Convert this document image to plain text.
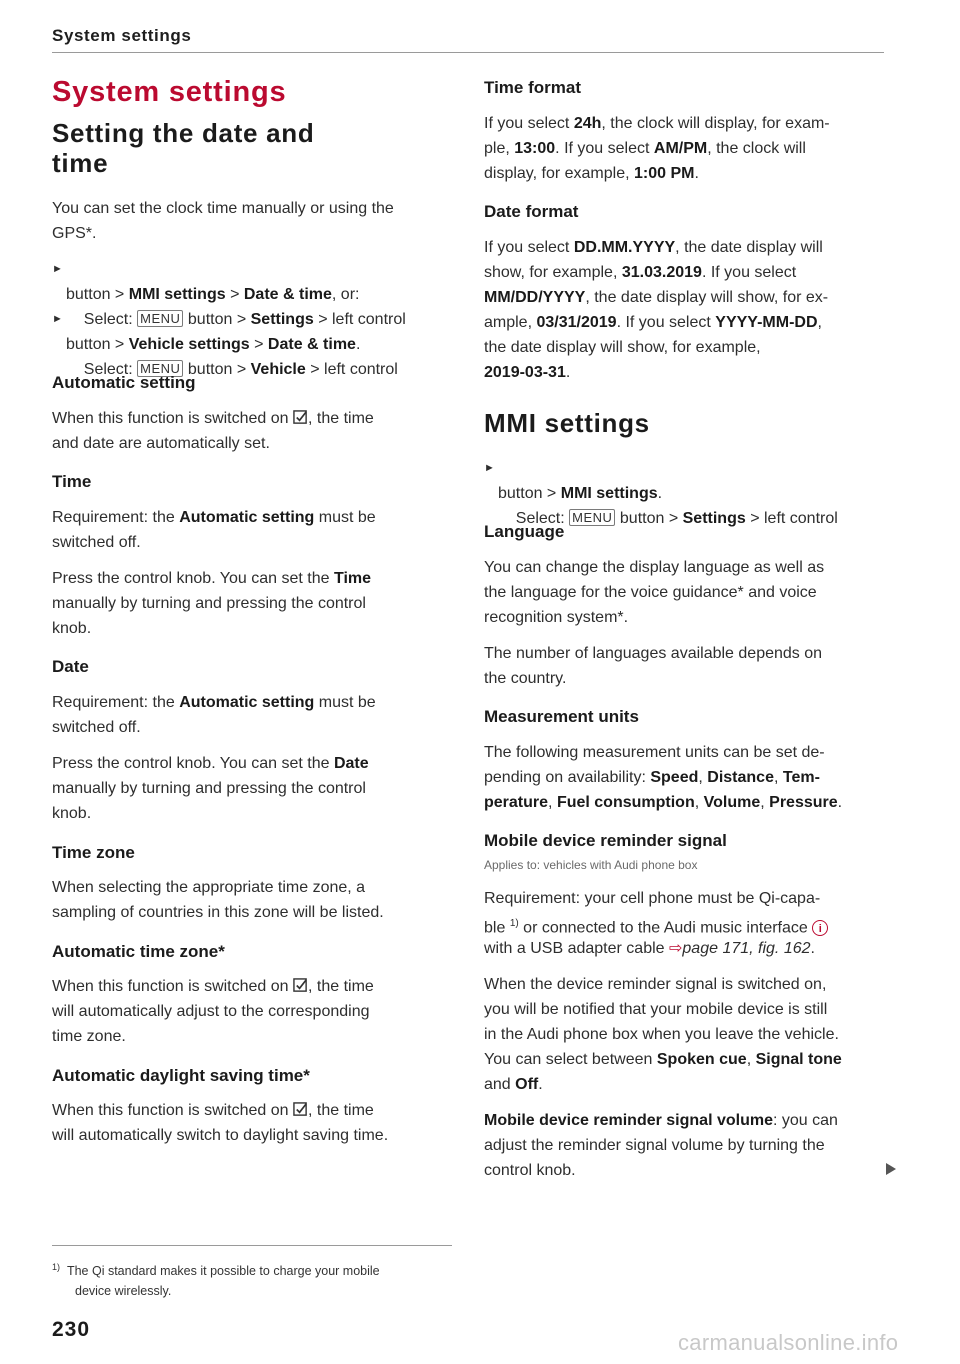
System settings
System settings
Setting the date and
time
You can set the clock time manually or using the
GPS*.

►

Select: MENU button > Settings > left control

button > MMI settings > Date & time, or:

►

Select: MENU button > Vehicle > left control

button > Vehicle settings > Date & time.
Automatic setting
When this function is switched on , the time
and date are automatically set.
Time
Requirement: the Automatic setting must be
switched off.
Press the control knob. You can set the Time
manually by turning and pressing the control
knob.
Date
Requirement: the Automatic setting must be
switched off.
Press the control knob. You can set the Date
manually by turning and pressing the control
knob.
Time zone
When selecting the appropriate time zone, a
sampling of countries in this zone will be listed.
Automatic time zone*
When this function is switched on , the time
will automatically adjust to the corresponding
time zone.
Automatic daylight saving time*
When this function is switched on , the time
will automatically switch to daylight saving time.
Time format
If you select 24h, the clock will display, for exam-
ple, 13:00. If you select AM/PM, the clock will
display, for example, 1:00 PM.
Date format
If you select DD.MM.YYYY, the date display will
show, for example, 31.03.2019. If you select
MM/DD/YYYY, the date display will show, for ex-
ample, 03/31/2019. If you select YYYY-MM-DD,
the date display will show, for example,
2019-03-31.
MMI settings

►

Select: MENU button > Settings > left control

button > MMI settings.
Language
You can change the display language as well as
the language for the voice guidance* and voice
recognition system*.
The number of languages available depends on
the country.
Measurement units
The following measurement units can be set de-
pending on availability: Speed, Distance, Tem-
perature, Fuel consumption, Volume, Pressure.
Mobile device reminder signal
Applies to: vehicles with Audi phone box
Requirement: your cell phone must be Qi-capa-
ble $^{1)}$ or connected to the Audi music interface i
with a USB adapter cable ⇨page 171, fig. 162.
When the device reminder signal is switched on,
you will be notified that your mobile device is still
in the Audi phone box when you leave the vehicle.
You can select between Spoken cue, Signal tone
and Off.
Mobile device reminder signal volume: you can
adjust the reminder signal volume by turning the
control knob.
$^{1)}$ The Qi standard makes it possible to charge your mobile
device wirelessly.
230
carmanualsonline.info
